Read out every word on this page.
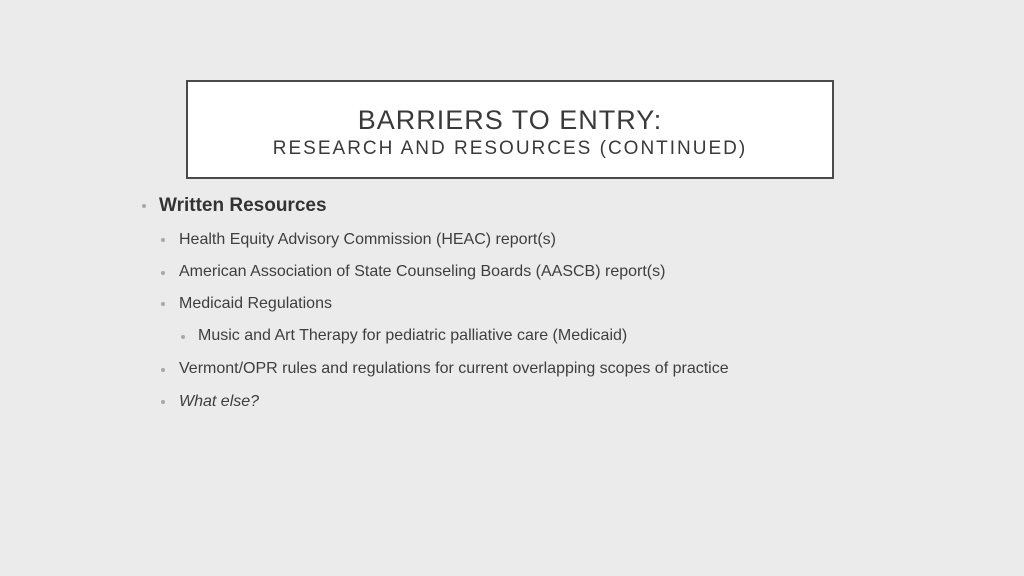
BARRIERS TO ENTRY:
RESEARCH AND RESOURCES (CONTINUED)
Written Resources
Health Equity Advisory Commission (HEAC) report(s)
American Association of State Counseling Boards (AASCB) report(s)
Medicaid Regulations
Music and Art Therapy for pediatric palliative care (Medicaid)
Vermont/OPR rules and regulations for current overlapping scopes of practice
What else?
